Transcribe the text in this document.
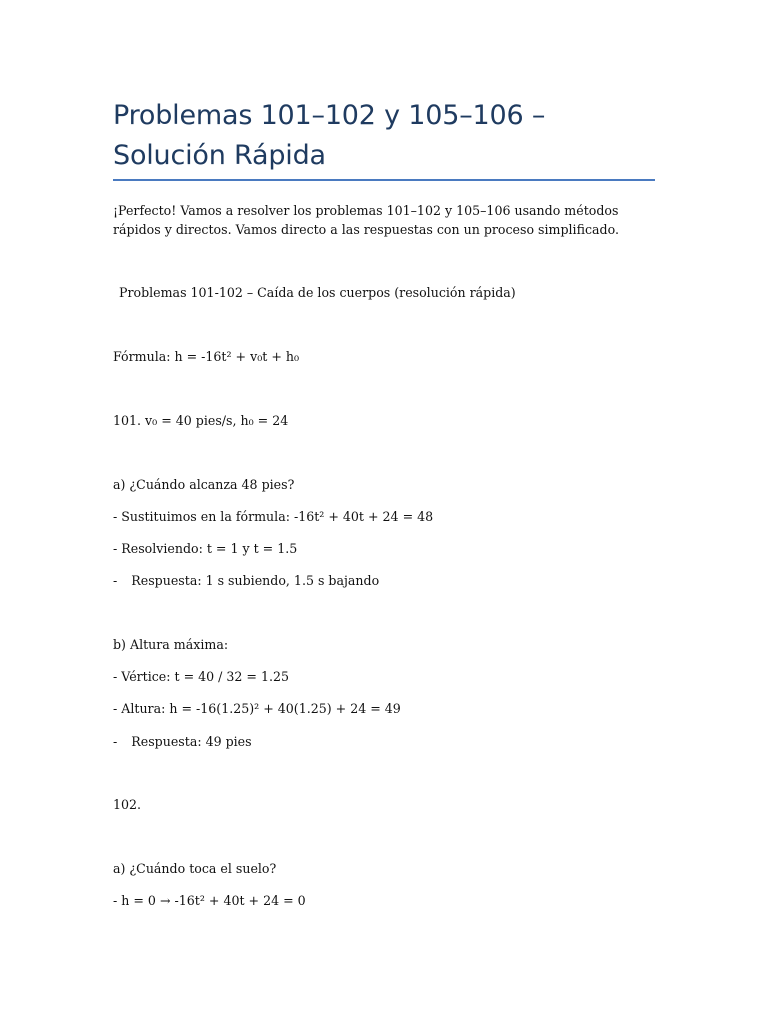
Problemas 101–102 y 105–106 – Solución Rápida

¡Perfecto! Vamos a resolver los problemas 101–102 y 105–106 usando métodos rápidos y directos. Vamos directo a las respuestas con un proceso simplificado.

Problemas 101-102 – Caída de los cuerpos (resolución rápida)

Fórmula: h = -16t² + v₀t + h₀

101. v₀ = 40 pies/s, h₀ = 24

a) ¿Cuándo alcanza 48 pies?

- Sustituimos en la fórmula: -16t² + 40t + 24 = 48

- Resolviendo: t = 1 y t = 1.5

- Respuesta: 1 s subiendo, 1.5 s bajando

b) Altura máxima:

- Vértice: t = 40 / 32 = 1.25

- Altura: h = -16(1.25)² + 40(1.25) + 24 = 49

- Respuesta: 49 pies

102.

a) ¿Cuándo toca el suelo?

- h = 0 → -16t² + 40t + 24 = 0
